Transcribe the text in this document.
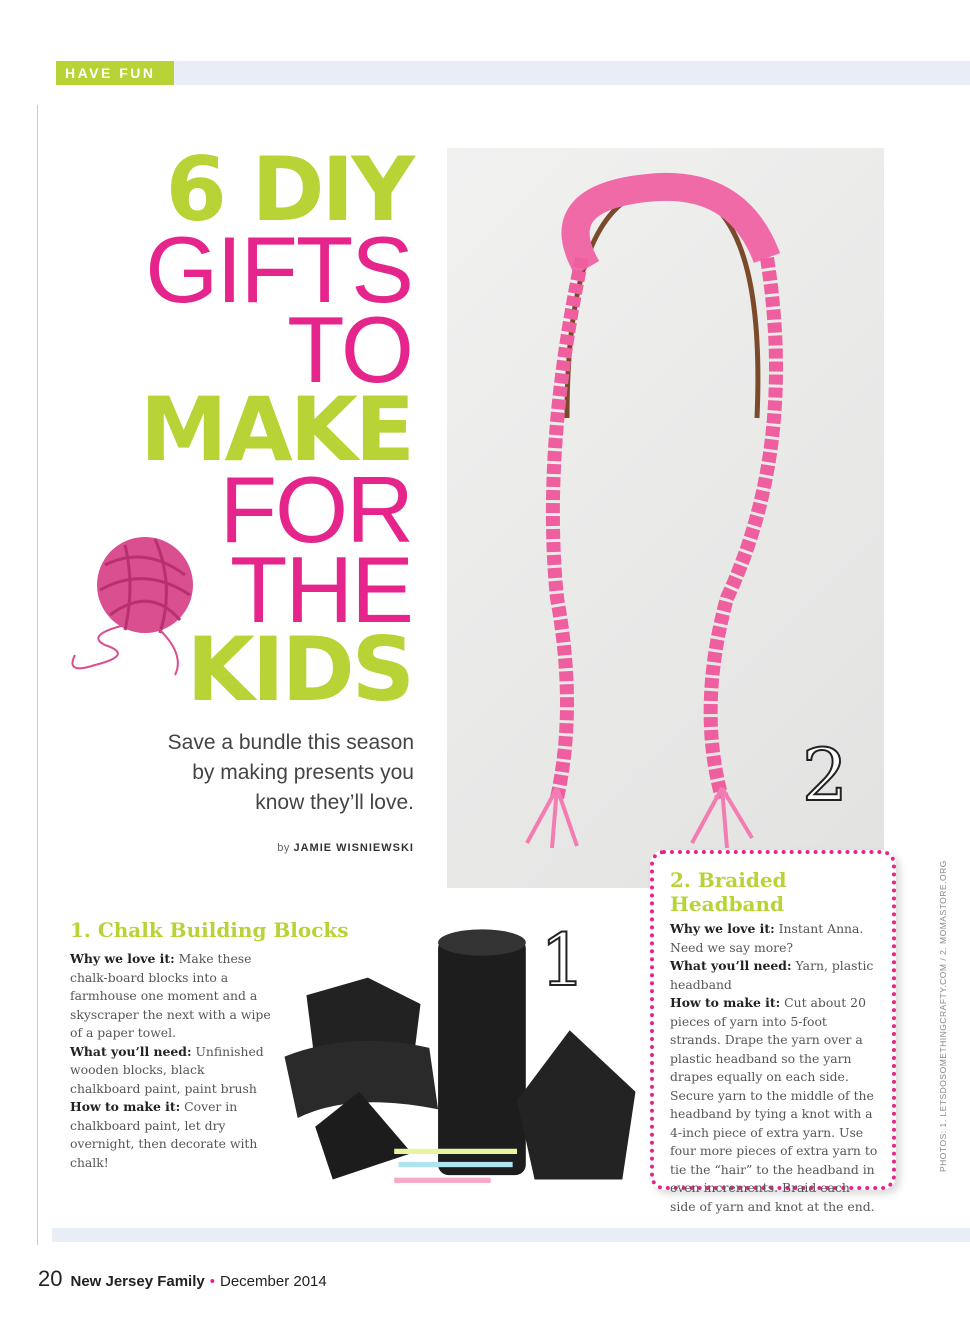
HAVE FUN
6 DIY
GIFTS
TO
MAKE
FOR
THE
KIDS
Save a bundle this season by making presents you know they’ll love.
by JAMIE WISNIEWSKI
2
1
1. Chalk Building Blocks
Why we love it: Make these chalk-board blocks into a farmhouse one moment and a skyscraper the next with a wipe of a paper towel.
What you’ll need: Unfinished wooden blocks, black chalkboard paint, paint brush
How to make it: Cover in chalkboard paint, let dry overnight, then decorate with chalk!
2. Braided Headband
Why we love it: Instant Anna. Need we say more?
What you’ll need: Yarn, plastic headband
How to make it: Cut about 20 pieces of yarn into 5-foot strands. Drape the yarn over a plastic headband so the yarn drapes equally on each side. Secure yarn to the middle of the headband by tying a knot with a 4-inch piece of extra yarn. Use four more pieces of extra yarn to tie the “hair” to the headband in even increments. Braid each side of yarn and knot at the end.
PHOTOS: 1. LETSDOSOMETHINGCRAFTY.COM / 2. MOMASTORE.ORG
20 New Jersey Family • December 2014
